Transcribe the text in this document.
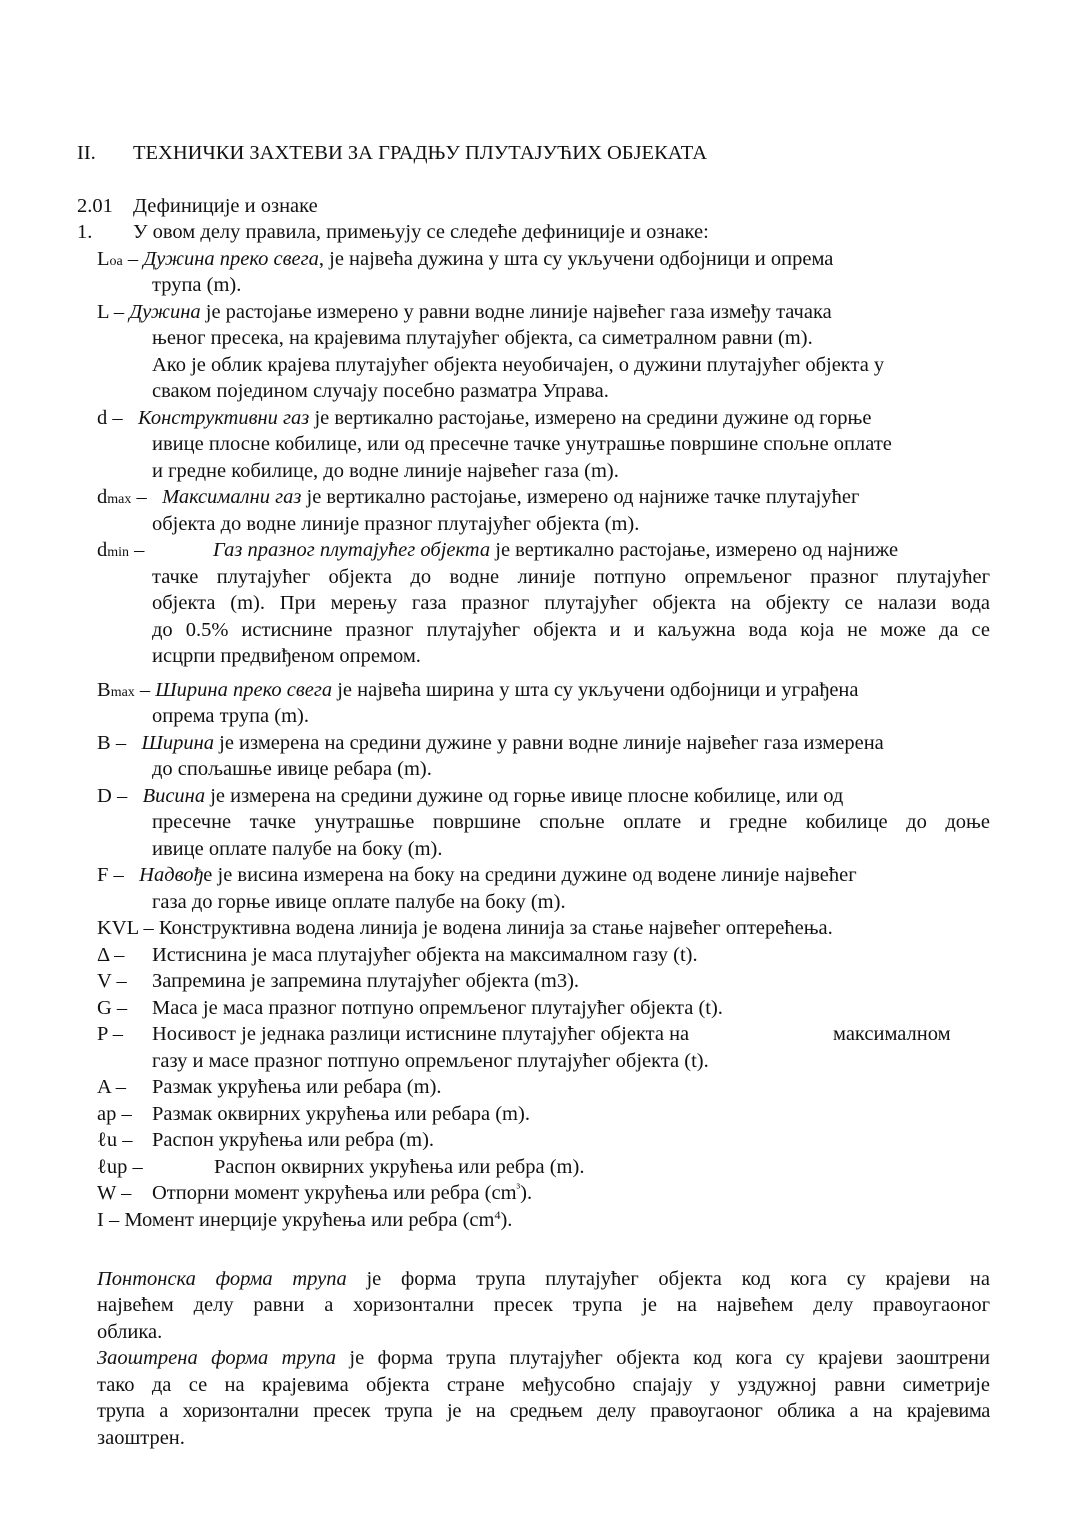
II. ТЕХНИЧКИ ЗАХТЕВИ ЗА ГРАДЊУ ПЛУТАЈУЋИХ ОБЈЕКАТА
2.01 Дефиниције и ознаке
1. У овом делу правила, примењују се следеће дефиниције и ознаке:
Loa – Дужина преко свега, је највећа дужина у шта су укључени одбојници и опрема
трупа (m).
L – Дужина је растојање измерено у равни водне линије највећег газа између тачака
њеног пресека, на крајевима плутајућег објекта, са симетралном равни (m).
Ако је облик крајева плутајућег објекта неуобичајен, о дужини плутајућег објекта у
сваком појединoм случају посебно разматра Управа.
d –   Конструктивни газ је вертикално растојање, измерено на средини дужине од горње
ивице плосне кобилице, или од пресечне тачке унутрашње површине спољне оплате
и гредне кобилице, до водне линије највећег газа (m).
dmax –   Максимални газ је вертикално растојање, измерено од најниже тачке плутајућег
објекта до водне линије празног плутајућег објекта (m).
dmin –	Газ празног плутајућег објекта је вертикално растојање, измерено од најниже
тачке плутајућег објекта до водне линије потпуно опремљеног празног плутајућег
објекта (m). При мерењу газа празног плутајућег објекта на објекту се налази вода
до 0.5% истиснине празног плутајућег објекта и и каљужна вода која не може да се
исцрпи предвиђеном опремом.
Bmax – Ширина преко свега је највећа ширина у шта су укључени одбојници и уграђена
опрема трупа (m).
B –   Ширина је измерена на средини дужине у равни водне линије највећег газа измерена
до спољашње ивице ребара (m).
D –   Висина је измерена на средини дужине од горње ивице плосне кобилице, или од
пресечне тачке унутрашње површине спољне оплате и гредне кобилице до доње
ивице оплате палубе на боку (m).
F –   Надвође је висина измерена на боку на средини дужине од водене линије највећег
газа до горње ивице оплате палубе на боку (m).
KVL – Конструктивна водена линија је водена линија за стање највећег оптерећења.
Δ – Истиснина је маса плутајућег објекта на максималном газу (t).
V – Запремина је запремина плутајућег објекта (m3).
G – Маса је маса празног потпуно опремљеног плутајућег објекта (t).
P – Носивост је једнака разлици истиснине плутајућег објекта на	максималном
газу и масе празног потпуно опремљеног плутајућег објекта (t).
A – Размак укрућења или ребара (m).
ap – Размак оквирних укрућења или ребара (m).
ℓu – Распон укрућења или ребра (m).
ℓup –	Распон оквирних укрућења или ребра (m).
W – Отпорни момент укрућења или ребра $(cm^{^3})$.
I – Момент инерције укрућења или ребра $(cm^4)$.
Понтонска форма трупа је форма трупа плутајућег објекта код кога су крајеви на
највећем делу равни а хоризонтални пресек трупа је на највећем делу правоугаоног
облика.
Заоштрена форма трупа је форма трупа плутајућег објекта код кога су крајеви заоштрени
тако да се на крајевима објекта стране међусобно спајају у уздужној равни симетрије
трупа а хоризонтални пресек трупа је на средњем делу правоугаоног облика а на крајевима
заоштрен.
